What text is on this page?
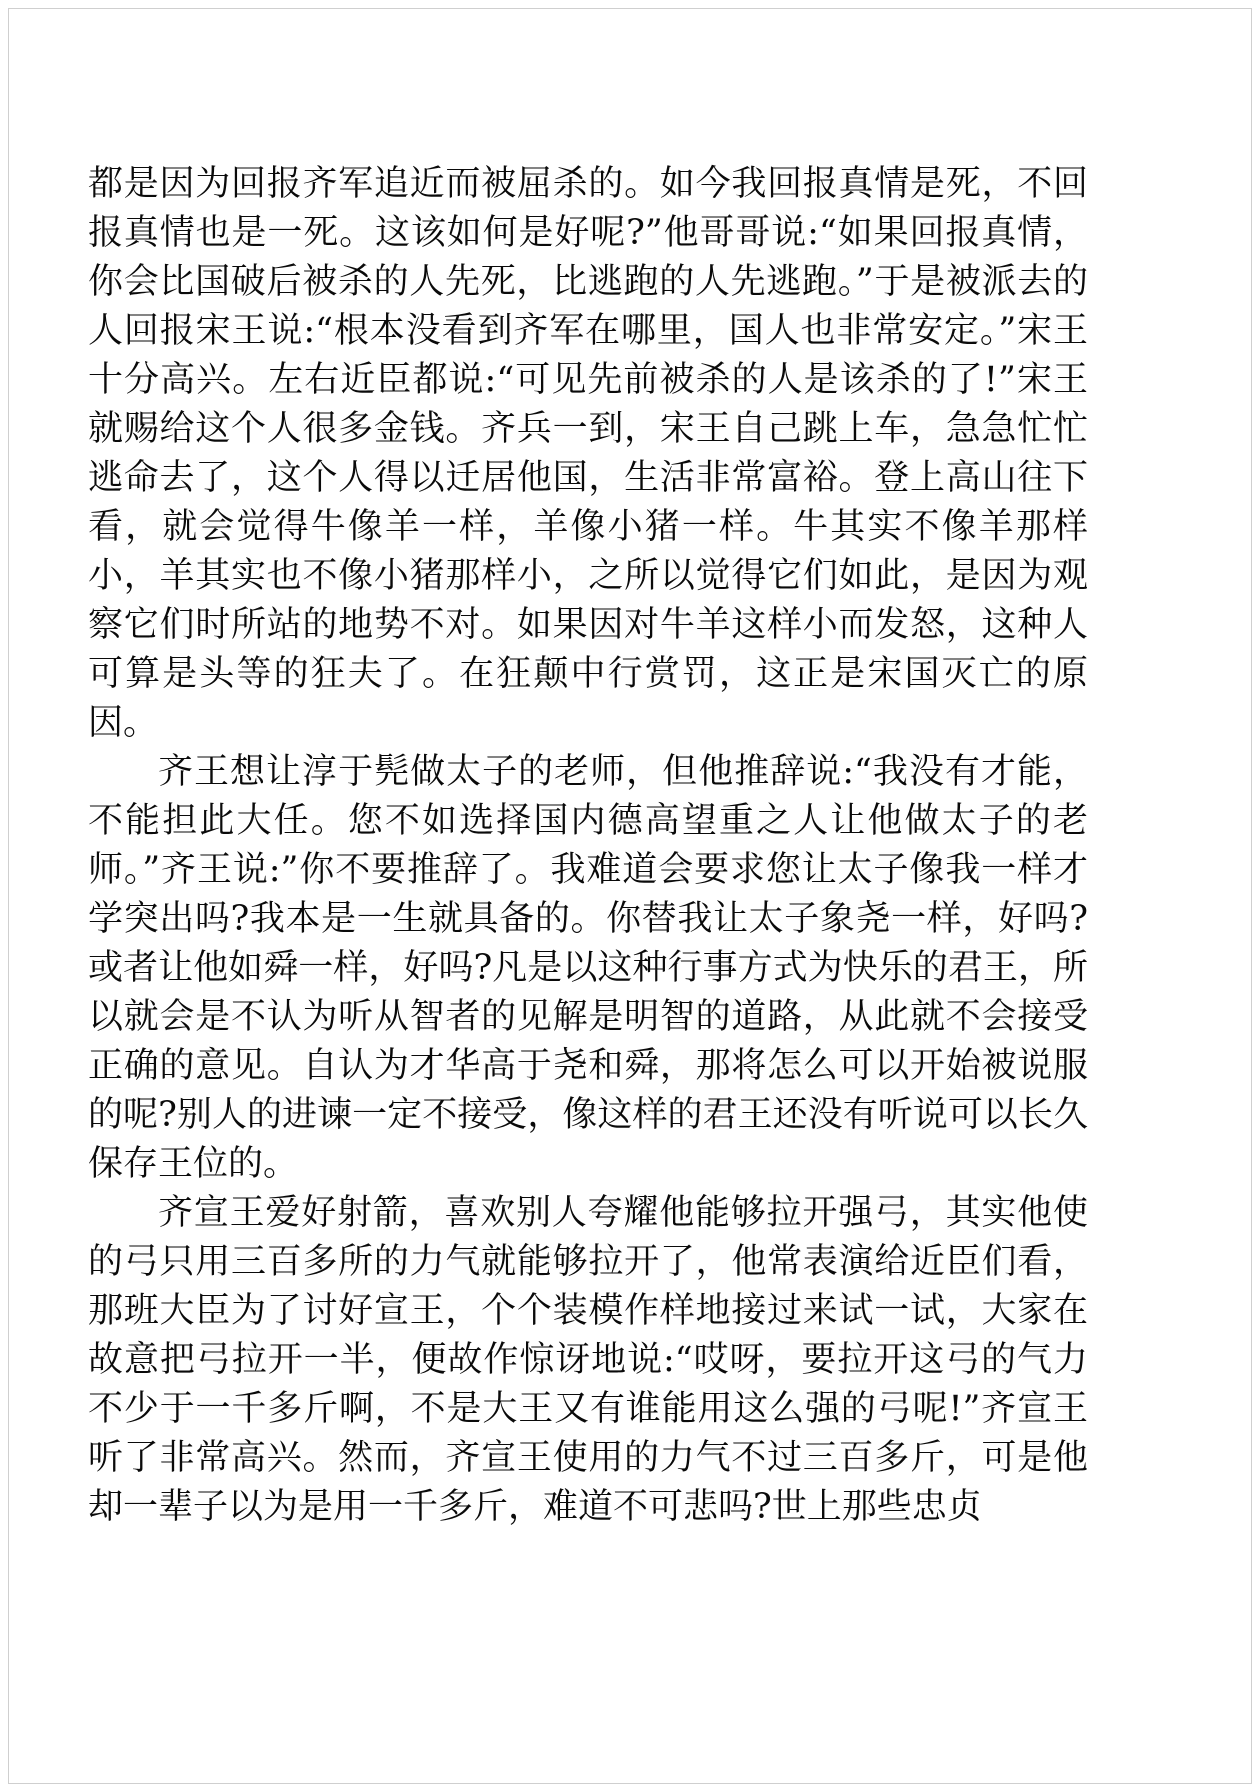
都是因为回报齐军追近而被屈杀的。如今我回报真情是死，不回报真情也是一死。这该如何是好呢?”他哥哥说:“如果回报真情，你会比国破后被杀的人先死，比逃跑的人先逃跑。”于是被派去的人回报宋王说:“根本没看到齐军在哪里，国人也非常安定。”宋王十分高兴。左右近臣都说:“可见先前被杀的人是该杀的了!”宋王就赐给这个人很多金钱。齐兵一到，宋王自己跳上车，急急忙忙逃命去了，这个人得以迁居他国，生活非常富裕。登上高山往下看，就会觉得牛像羊一样，羊像小猪一样。牛其实不像羊那样小，羊其实也不像小猪那样小，之所以觉得它们如此，是因为观察它们时所站的地势不对。如果因对牛羊这样小而发怒，这种人可算是头等的狂夫了。在狂颠中行赏罚，这正是宋国灭亡的原因。

齐王想让淳于髡做太子的老师，但他推辞说:“我没有才能，不能担此大任。您不如选择国内德高望重之人让他做太子的老师。”齐王说:”你不要推辞了。我难道会要求您让太子像我一样才学突出吗?我本是一生就具备的。你替我让太子象尧一样，好吗?或者让他如舜一样，好吗?凡是以这种行事方式为快乐的君王，所以就会是不认为听从智者的见解是明智的道路，从此就不会接受正确的意见。自认为才华高于尧和舜，那将怎么可以开始被说服的呢?别人的进谏一定不接受，像这样的君王还没有听说可以长久保存王位的。

齐宣王爱好射箭，喜欢别人夸耀他能够拉开强弓，其实他使的弓只用三百多所的力气就能够拉开了，他常表演给近臣们看，那班大臣为了讨好宣王，个个装模作样地接过来试一试，大家在故意把弓拉开一半，便故作惊讶地说:“哎呀，要拉开这弓的气力不少于一千多斤啊，不是大王又有谁能用这么强的弓呢!”齐宣王听了非常高兴。然而，齐宣王使用的力气不过三百多斤，可是他却一辈子以为是用一千多斤，难道不可悲吗?世上那些忠贞
